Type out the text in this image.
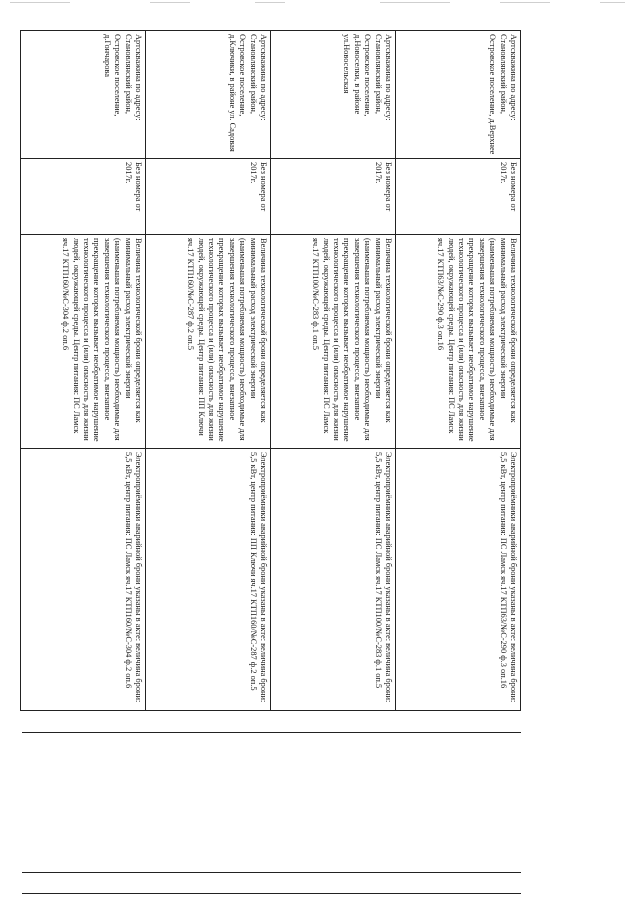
Артскважина по адресу: Становлянский район, Островское поселение, д.Верхнее	Без номера от 2017г.	Величина технологической брони определяется как минимальный расход электрической энергии (наименьшая потребляемая мощность) необходимые для завершения технологического процесса, внезапное прекращение которых вызывает необратимое нарушение технологического процесса и (или) опасность для жизни людей, окружающей среды. Центр питания: ПС Ламск яч.17 КТП63/№С-290 ф.3 оп.16	Электроприёмники аварийной брони указаны в акте: величина брони: 5,5 кВт, центр питания: ПС Ламск яч.17 КТП63/№С-290 ф.3 оп.16
Артскважина по адресу: Становлянский район, Островское поселение, д.Новоселки, в районе ул.Новосельская	Без номера от 2017г.	Величина технологической брони определяется как минимальный расход электрической энергии (наименьшая потребляемая мощность) необходимые для завершения технологического процесса, внезапное прекращение которых вызывает необратимое нарушение технологического процесса и (или) опасность для жизни людей, окружающей среды. Центр питания: ПС Ламск яч.17 КТП100/№С-283 ф.1 оп.5	Электроприёмники аварийной брони указаны в акте: величина брони: 5,5 кВт, центр питания: ПС Ламск яч.17 КТП100/№С-283 ф.1 оп.5
Артскважина по адресу: Становлянский район, Островское поселение, д.Ключики, в районе ул. Садовая	Без номера от 2017г.	Величина технологической брони определяется как минимальный расход электрической энергии (наименьшая потребляемая мощность) необходимые для завершения технологического процесса, внезапное прекращение которых вызывает необратимое нарушение технологического процесса и (или) опасность для жизни людей, окружающей среды. Центр питания: ПП Ключи яч.17 КТП160/№С-287 ф.2 оп.5	Электроприёмники аварийной брони указаны в акте: величина брони: 5,5 кВт, центр питания: ПП Ключи яч.17 КТП160/№С-287 ф.2 оп.5
Артскважина по адресу: Становлянский район, Островское поселение, д.Гончарова	Без номера от 2017г.	Величина технологической брони определяется как минимальный расход электрической энергии (наименьшая потребляемая мощность) необходимые для завершения технологического процесса, внезапное прекращение которых вызывает необратимое нарушение технологического процесса и (или) опасность для жизни людей, окружающей среды. Центр питания: ПС Ламск яч.17 КТП160/№С-304 ф.2 оп.6	Электроприёмники аварийной брони указаны в акте: величина брони: 5,5 кВт, центр питания: ПС Ламск яч.17 КТП160/№С-304 ф.2 оп.6
